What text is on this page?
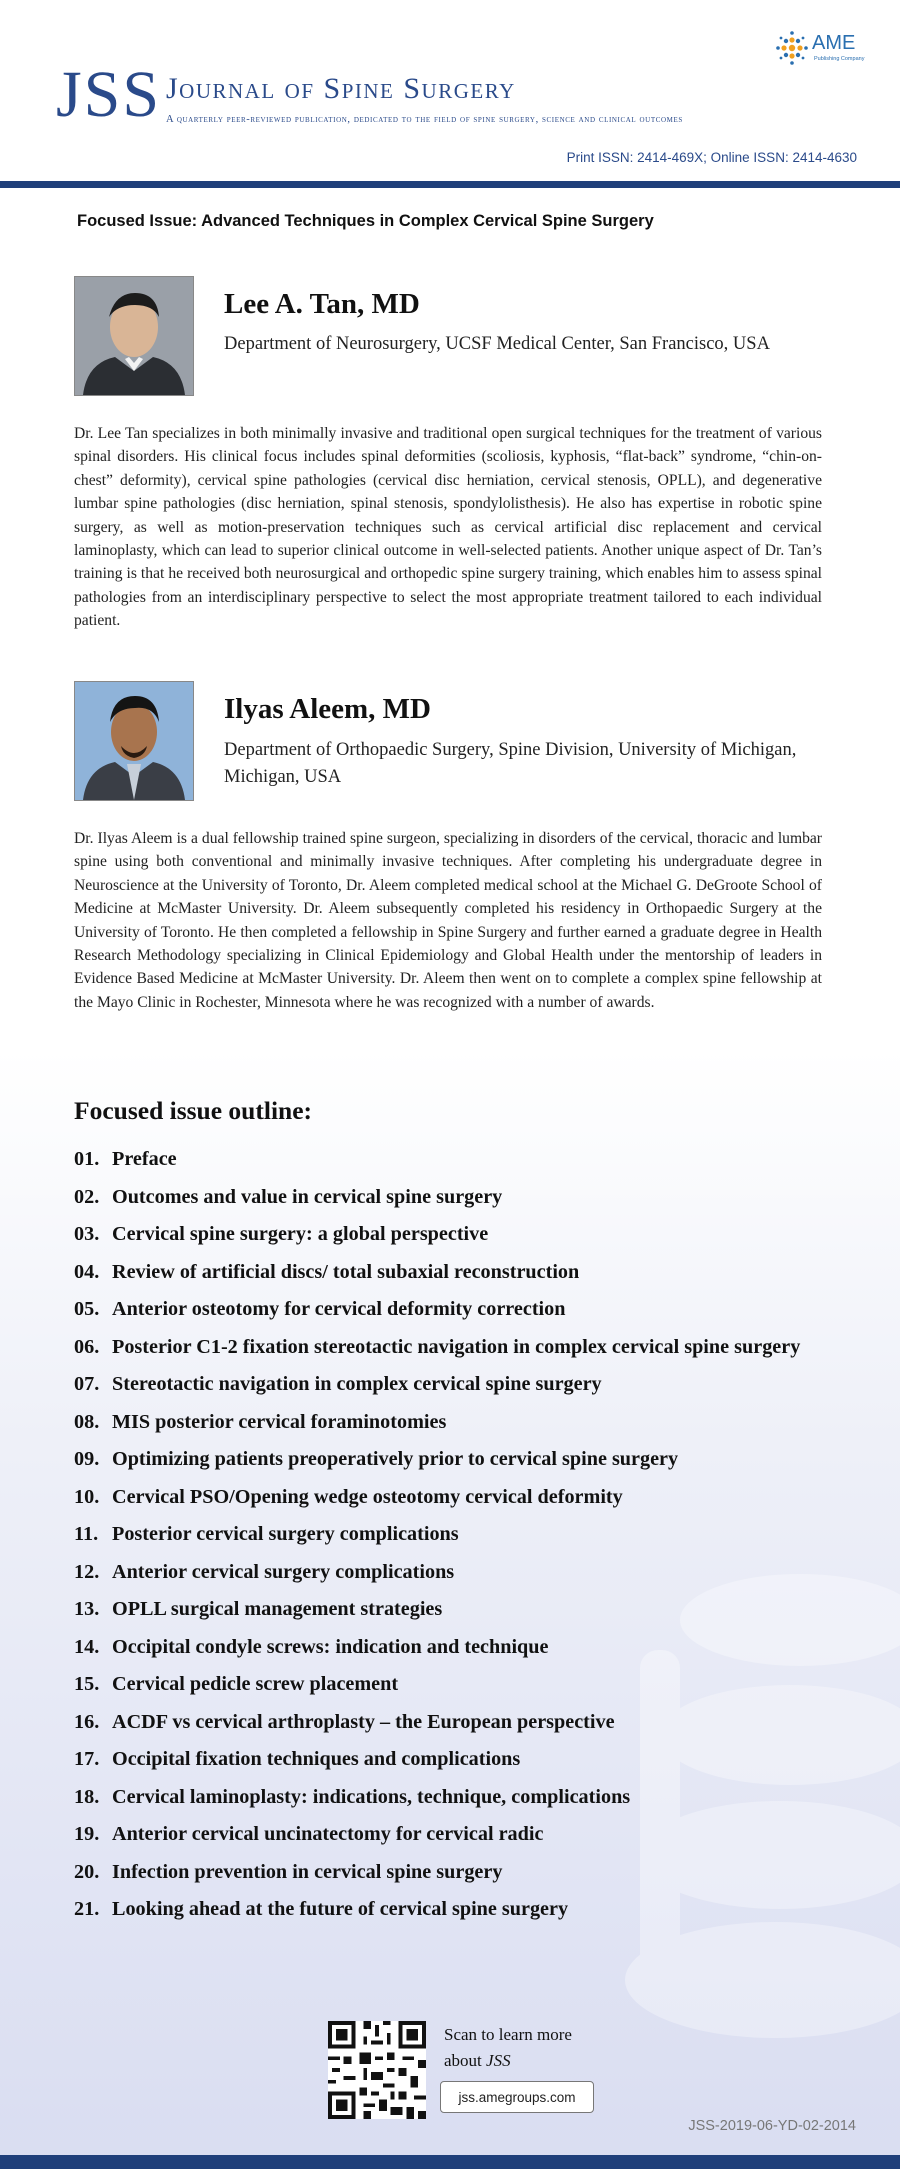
JSS Journal of Spine Surgery
A quarterly peer-reviewed publication, dedicated to the field of spine surgery, science and clinical outcomes
AME
Publishing Company
Print ISSN: 2414-469X; Online ISSN: 2414-4630
Focused Issue: Advanced Techniques in Complex Cervical Spine Surgery
Lee A. Tan, MD
Department of Neurosurgery, UCSF Medical Center, San Francisco, USA
Dr. Lee Tan specializes in both minimally invasive and traditional open surgical techniques for the treatment of various spinal disorders. His clinical focus includes spinal deformities (scoliosis, kyphosis, “flat-back” syndrome, “chin-on-chest” deformity), cervical spine pathologies (cervical disc herniation, cervical stenosis, OPLL), and degenerative lumbar spine pathologies (disc herniation, spinal stenosis, spondylolisthesis). He also has expertise in robotic spine surgery, as well as motion-preservation techniques such as cervical artificial disc replacement and cervical laminoplasty, which can lead to superior clinical outcome in well-selected patients. Another unique aspect of Dr. Tan’s training is that he received both neurosurgical and orthopedic spine surgery training, which enables him to assess spinal pathologies from an interdisciplinary perspective to select the most appropriate treatment tailored to each individual patient.
Ilyas Aleem, MD
Department of Orthopaedic Surgery, Spine Division, University of Michigan, Michigan, USA
Dr. Ilyas Aleem is a dual fellowship trained spine surgeon, specializing in disorders of the cervical, thoracic and lumbar spine using both conventional and minimally invasive techniques. After completing his undergraduate degree in Neuroscience at the University of Toronto, Dr. Aleem completed medical school at the Michael G. DeGroote School of Medicine at McMaster University. Dr. Aleem subsequently completed his residency in Orthopaedic Surgery at the University of Toronto. He then completed a fellowship in Spine Surgery and further earned a graduate degree in Health Research Methodology specializing in Clinical Epidemiology and Global Health under the mentorship of leaders in Evidence Based Medicine at McMaster University. Dr. Aleem then went on to complete a complex spine fellowship at the Mayo Clinic in Rochester, Minnesota where he was recognized with a number of awards.
Focused issue outline:
01. Preface
02. Outcomes and value in cervical spine surgery
03. Cervical spine surgery: a global perspective
04. Review of artificial discs/ total subaxial reconstruction
05. Anterior osteotomy for cervical deformity correction
06. Posterior C1-2 fixation stereotactic navigation in complex cervical spine surgery
07. Stereotactic navigation in complex cervical spine surgery
08. MIS posterior cervical foraminotomies
09. Optimizing patients preoperatively prior to cervical spine surgery
10. Cervical PSO/Opening wedge osteotomy cervical deformity
11. Posterior cervical surgery complications
12. Anterior cervical surgery complications
13. OPLL surgical management strategies
14. Occipital condyle screws: indication and technique
15. Cervical pedicle screw placement
16. ACDF vs cervical arthroplasty – the European perspective
17. Occipital fixation techniques and complications
18. Cervical laminoplasty: indications, technique, complications
19. Anterior cervical uncinatectomy for cervical radic
20. Infection prevention in cervical spine surgery
21. Looking ahead at the future of cervical spine surgery
Scan to learn more
about JSS
jss.amegroups.com
JSS-2019-06-YD-02-2014
